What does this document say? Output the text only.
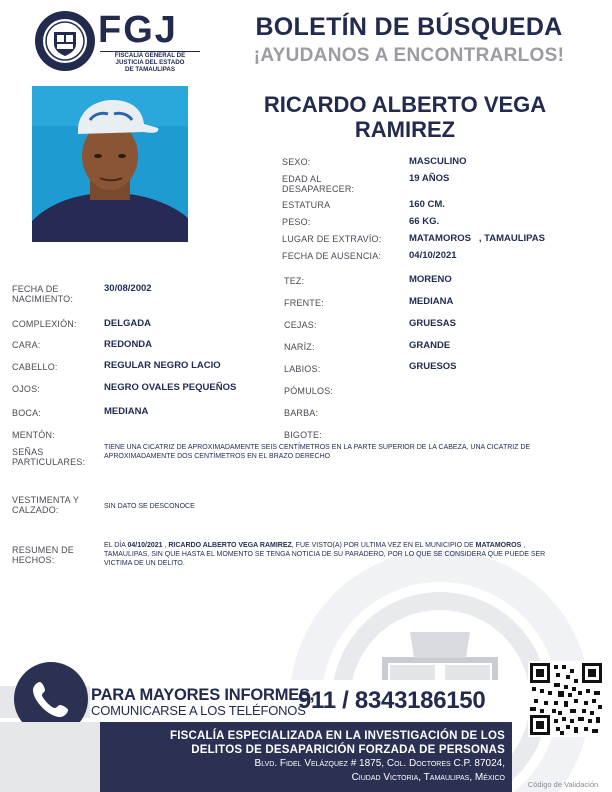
FGJ
FISCALÍA GENERAL DE
JUSTICIA DEL ESTADO
DE TAMAULIPAS
BOLETÍN DE BÚSQUEDA
¡AYUDANOS A ENCONTRARLOS!
RICARDO ALBERTO VEGA
RAMIREZ
SEXO:	MASCULINO
EDAD AL DESAPARECER:
19 AÑOS
ESTATURA	160 CM.
PESO:	66 KG.
LUGAR DE EXTRAVÍO:	MATAMOROS   , TAMAULIPAS
FECHA DE AUSENCIA:	04/10/2021
FECHA DE NACIMIENTO:
30/08/2002
COMPLEXIÓN:	DELGADA
CARA:	REDONDA
CABELLO:	REGULAR NEGRO LACIO
OJOS:	NEGRO OVALES PEQUEÑOS
BOCA:	MEDIANA
MENTÓN:
TEZ:	MORENO
FRENTE:	MEDIANA
CEJAS:	GRUESAS
NARÍZ:	GRANDE
LABIOS:	GRUESOS
PÓMULOS:
BARBA:
BIGOTE:
SEÑAS PARTICULARES:
TIENE UNA CICATRIZ DE APROXIMADAMENTE SEIS CENTÍMETROS EN LA PARTE SUPERIOR DE LA CABEZA, UNA CICATRIZ DE APROXIMADAMENTE DOS CENTÍMETROS EN EL BRAZO DERECHO
VESTIMENTA Y CALZADO:	SIN DATO SE DESCONOCE
RESUMEN DE HECHOS:
EL DÍA 04/10/2021 , RICARDO ALBERTO VEGA RAMIREZ, FUE VISTO(A) POR ULTIMA VEZ EN EL MUNICIPIO DE MATAMOROS , TAMAULIPAS, SIN QUE HASTA EL MOMENTO SE TENGA NOTICIA DE SU PARADERO, POR LO QUE SE CONSIDERA QUE PUEDE SER VICTIMA DE UN DELITO.
PARA MAYORES INFORMES,
COMUNICARSE A LOS TELÉFONOS
911 / 8343186150
FISCALÍA ESPECIALIZADA EN LA INVESTIGACIÓN DE LOS
DELITOS DE DESAPARICIÓN FORZADA DE PERSONAS
Blvd. Fidel Velázquez # 1875, Col. Doctores C.P. 87024,
Ciudad Victoria, Tamaulipas, México
Código de Validación
